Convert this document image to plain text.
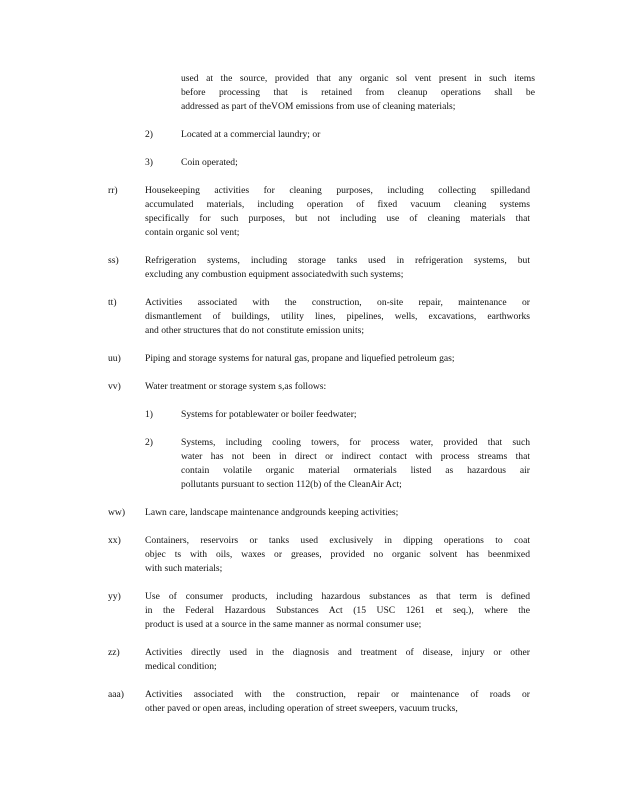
used at the source, provided that any organic sol vent present in such items
before processing that is retained from cleanup operations shall be
addressed as part of theVOM emissions from use of cleaning materials;
2)	Located at a commercial laundry; or
3)	Coin operated;
rr)	Housekeeping activities for cleaning purposes, including collecting spilledand
accumulated materials, including operation of fixed vacuum cleaning systems
specifically for such purposes, but not including use of cleaning materials that
contain organic sol vent;
ss)	Refrigeration systems, including storage tanks used in refrigeration systems, but
excluding any combustion equipment associatedwith such systems;
tt)	Activities associated with the construction, on-site repair, maintenance or
dismantlement of buildings, utility lines, pipelines, wells, excavations, earthworks
and other structures that do not constitute emission units;
uu)	Piping and storage systems for natural gas, propane and liquefied petroleum gas;
vv)	Water treatment or storage system s,as follows:
1)	Systems for potablewater or boiler feedwater;
2)	Systems, including cooling towers, for process water, provided that such
water has not been in direct or indirect contact with process streams that
contain volatile organic material ormaterials listed as hazardous air
pollutants pursuant to section 112(b) of the CleanAir Act;
ww) Lawn care, landscape maintenance andgrounds keeping activities;
xx)	Containers, reservoirs or tanks used exclusively in dipping operations to coat
objec ts with oils, waxes or greases, provided no organic solvent has beenmixed
with such materials;
yy)	Use of consumer products, including hazardous substances as that term is defined
in the Federal Hazardous Substances Act (15 USC 1261 et seq.), where the
product is used at a source in the same manner as normal consumer use;
zz)	Activities directly used in the diagnosis and treatment of disease, injury or other
medical condition;
aaa) Activities associated with the construction, repair or maintenance of roads or
other paved or open areas, including operation of street sweepers, vacuum trucks,
